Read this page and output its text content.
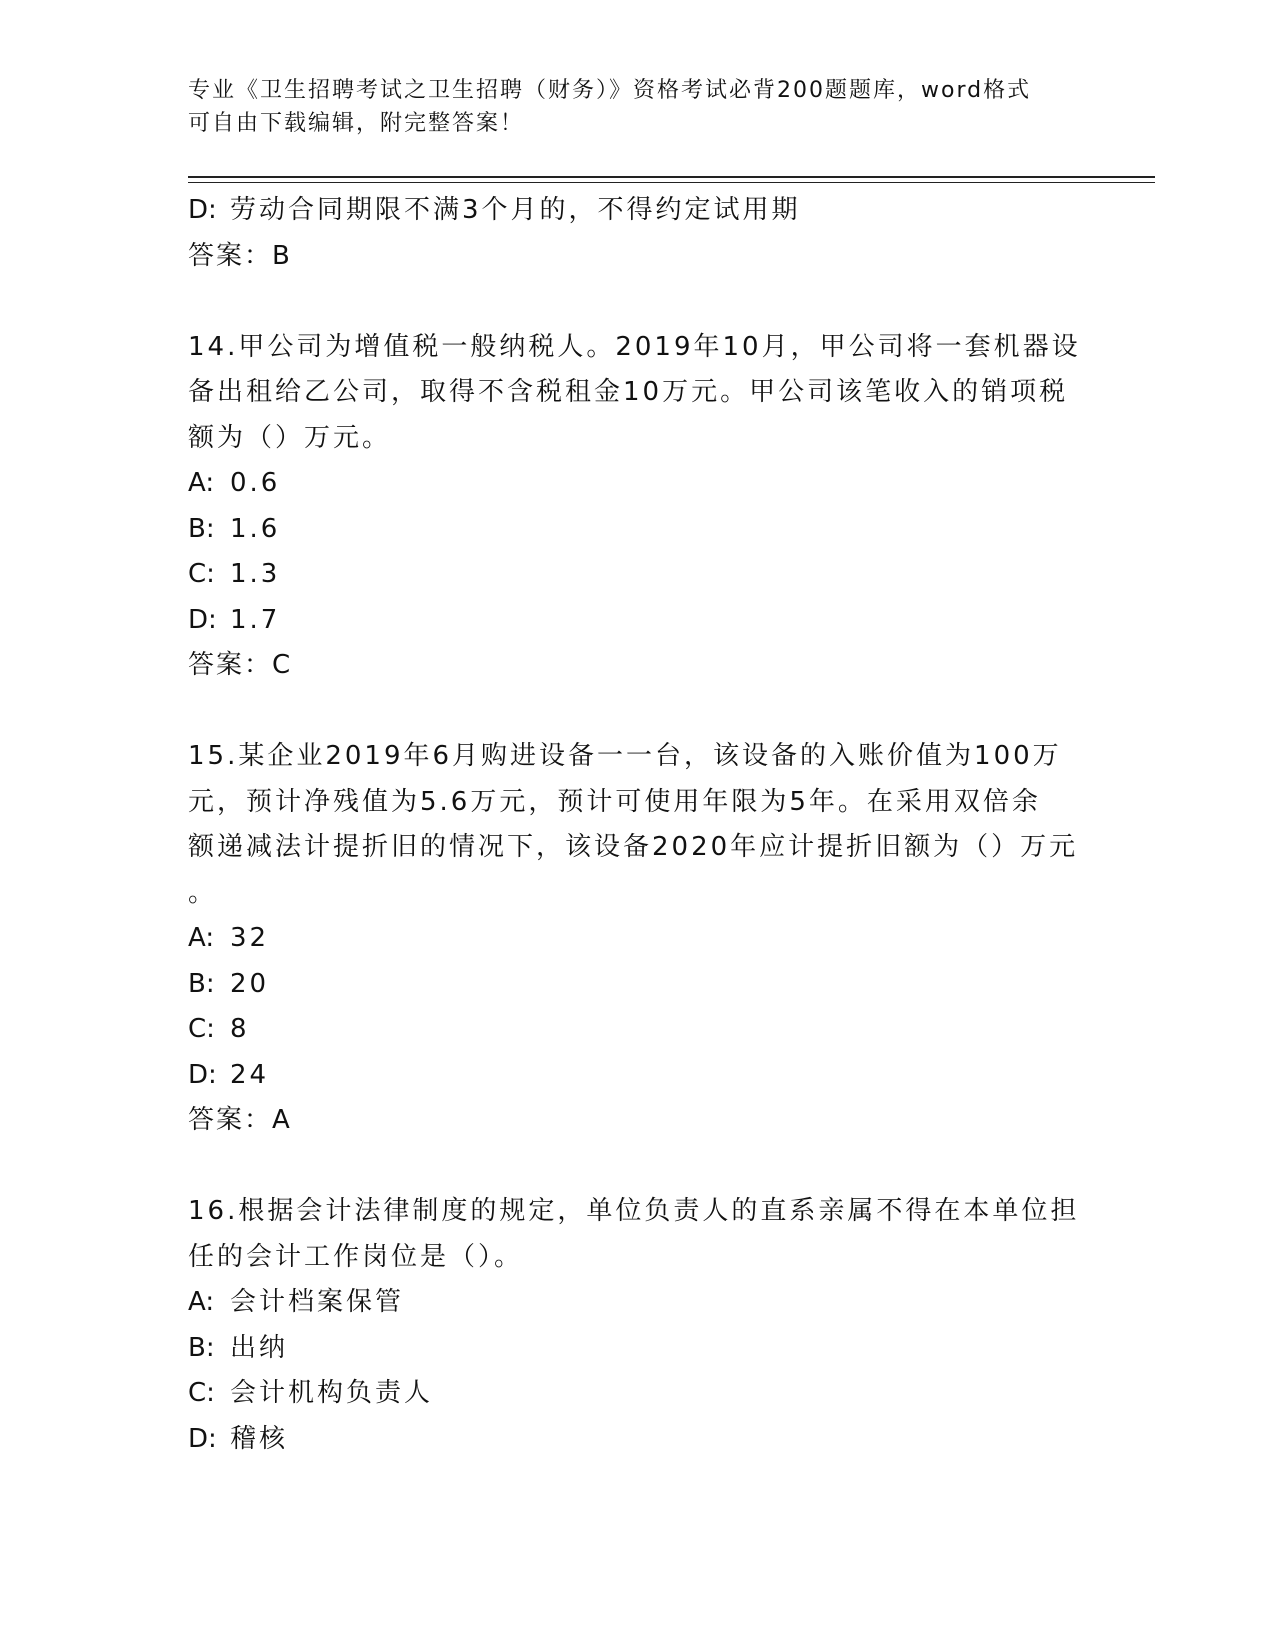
专业《卫生招聘考试之卫生招聘（财务）》资格考试必背200题题库，word格式
可自由下载编辑，附完整答案！
D: 劳动合同期限不满3个月的，不得约定试用期
答案：B
14.甲公司为增值税一般纳税人。2019年10月，甲公司将一套机器设
备出租给乙公司，取得不含税租金10万元。甲公司该笔收入的销项税
额为（）万元。
A: 0.6
B: 1.6
C: 1.3
D: 1.7
答案：C
15.某企业2019年6月购进设备一一台，该设备的入账价值为100万
元，预计净残值为5.6万元，预计可使用年限为5年。在采用双倍余
额递减法计提折旧的情况下，该设备2020年应计提折旧额为（）万元
。
A: 32
B: 20
C: 8
D: 24
答案：A
16.根据会计法律制度的规定，单位负责人的直系亲属不得在本单位担
任的会计工作岗位是（）。
A: 会计档案保管
B: 出纳
C: 会计机构负责人
D: 稽核
